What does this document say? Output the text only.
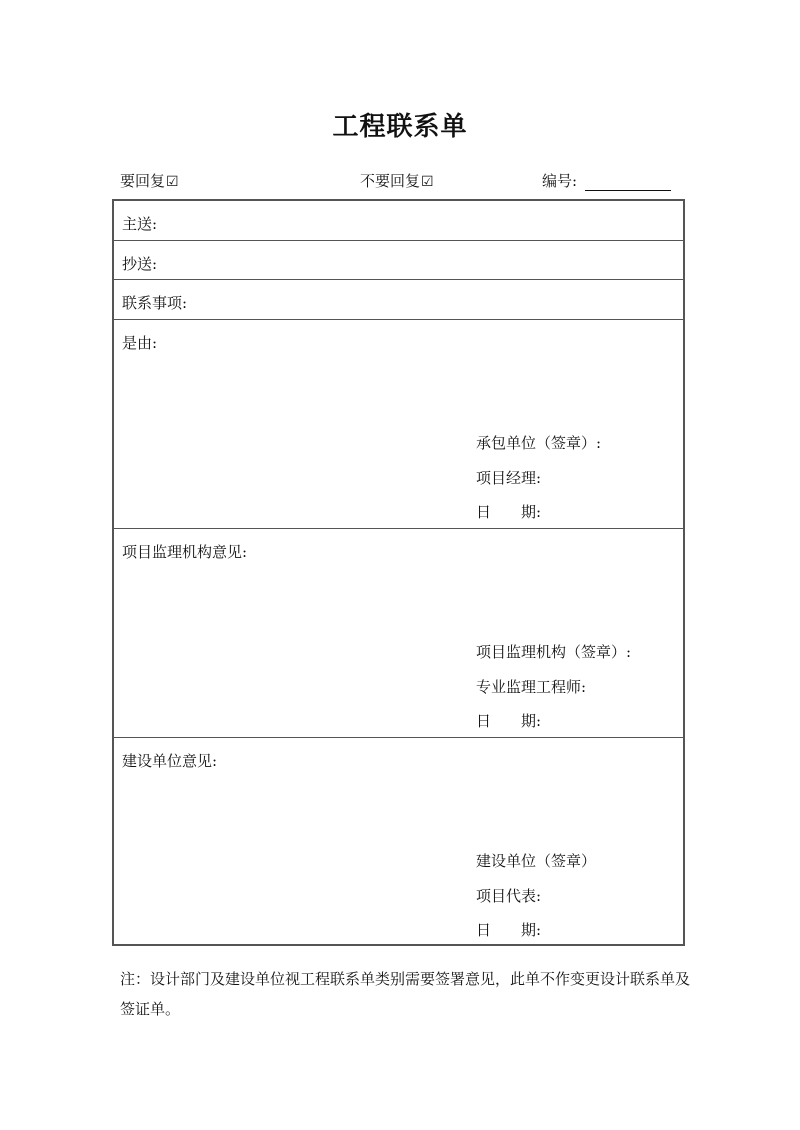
工程联系单
要回复☑	不要回复☑	编号:
主送:
抄送:
联系事项:
是由:
承包单位（签章）:
项目经理:
日 期:
项目监理机构意见:
项目监理机构（签章）:
专业监理工程师:
日 期:
建设单位意见:
建设单位（签章）
项目代表:
日 期:
注：设计部门及建设单位视工程联系单类别需要签署意见，此单不作变更设计联系单及签证单。
